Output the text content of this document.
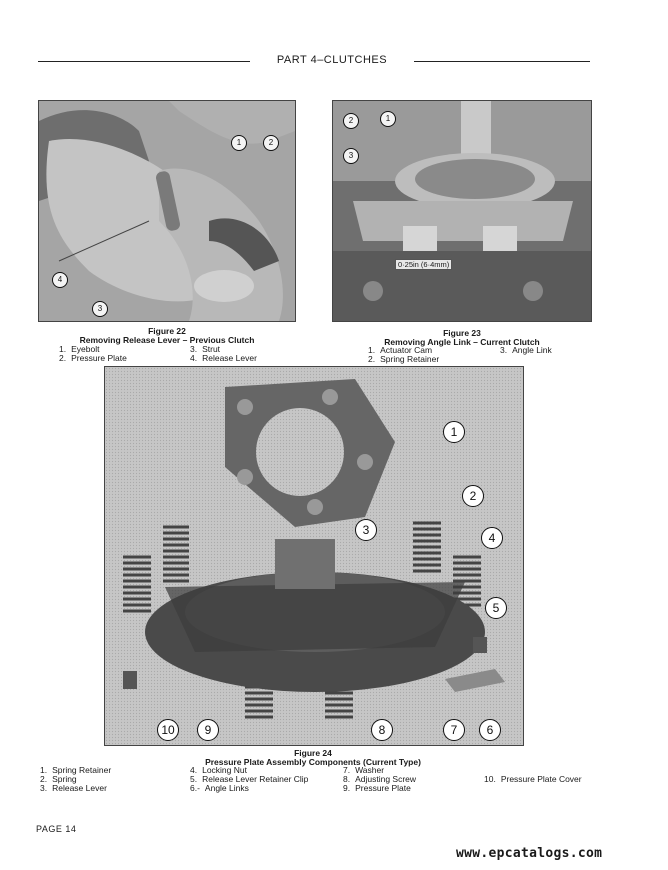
PART 4–CLUTCHES
1	2
4
3
2	1
3
0·25in (6·4mm)
Figure 22
Removing Release Lever – Previous Clutch
1. Eyebolt
2. Pressure Plate
3. Strut
4. Release Lever
Figure 23
Removing Angle Link – Current Clutch
1. Actuator Cam
2. Spring Retainer
3. Angle Link
1
2
3
4
5
6
7
8
9
10
Figure 24
Pressure Plate Assembly Components (Current Type)
1. Spring Retainer
2. Spring
3. Release Lever
4. Locking Nut
5. Release Lever Retainer Clip
6.- Angle Links
7. Washer
8. Adjusting Screw
9. Pressure Plate
10. Pressure Plate Cover
PAGE 14
www.epcatalogs.com
